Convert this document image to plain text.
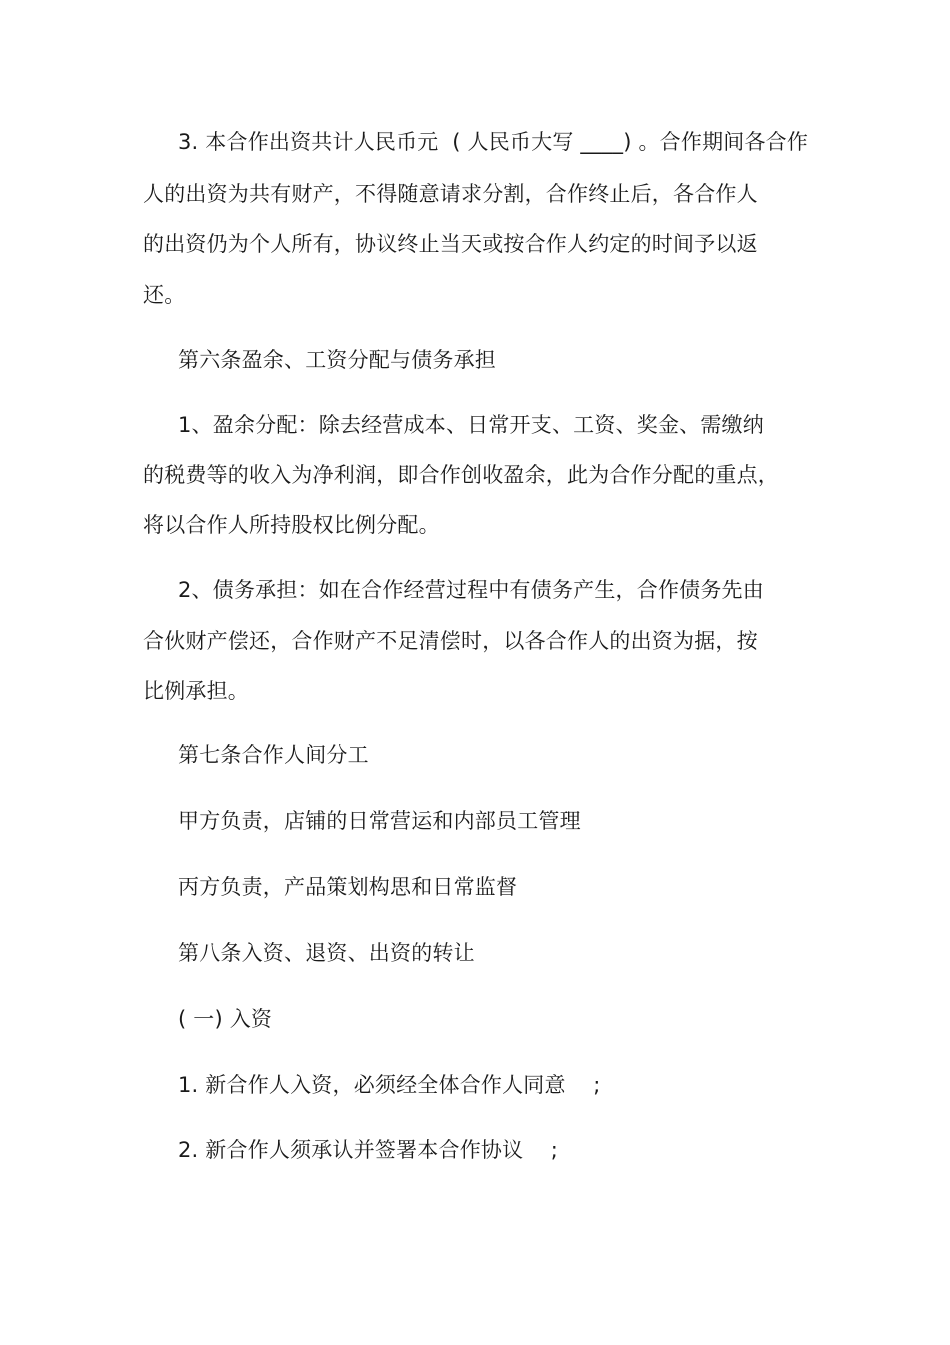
3. 本合作出资共计人民币元  ( 人民币大写 ____) 。合作期间各合作
人的出资为共有财产，不得随意请求分割，合作终止后，各合作人
的出资仍为个人所有，协议终止当天或按合作人约定的时间予以返
还。
第六条盈余、工资分配与债务承担
1、盈余分配：除去经营成本、日常开支、工资、奖金、需缴纳
的税费等的收入为净利润，即合作创收盈余，此为合作分配的重点，
将以合作人所持股权比例分配。
2、债务承担：如在合作经营过程中有债务产生，合作债务先由
合伙财产偿还，合作财产不足清偿时，以各合作人的出资为据，按
比例承担。
第七条合作人间分工
甲方负责，店铺的日常营运和内部员工管理
丙方负责，产品策划构思和日常监督
第八条入资、退资、出资的转让
( 一) 入资
1. 新合作人入资，必须经全体合作人同意    ;
2. 新合作人须承认并签署本合作协议    ;
